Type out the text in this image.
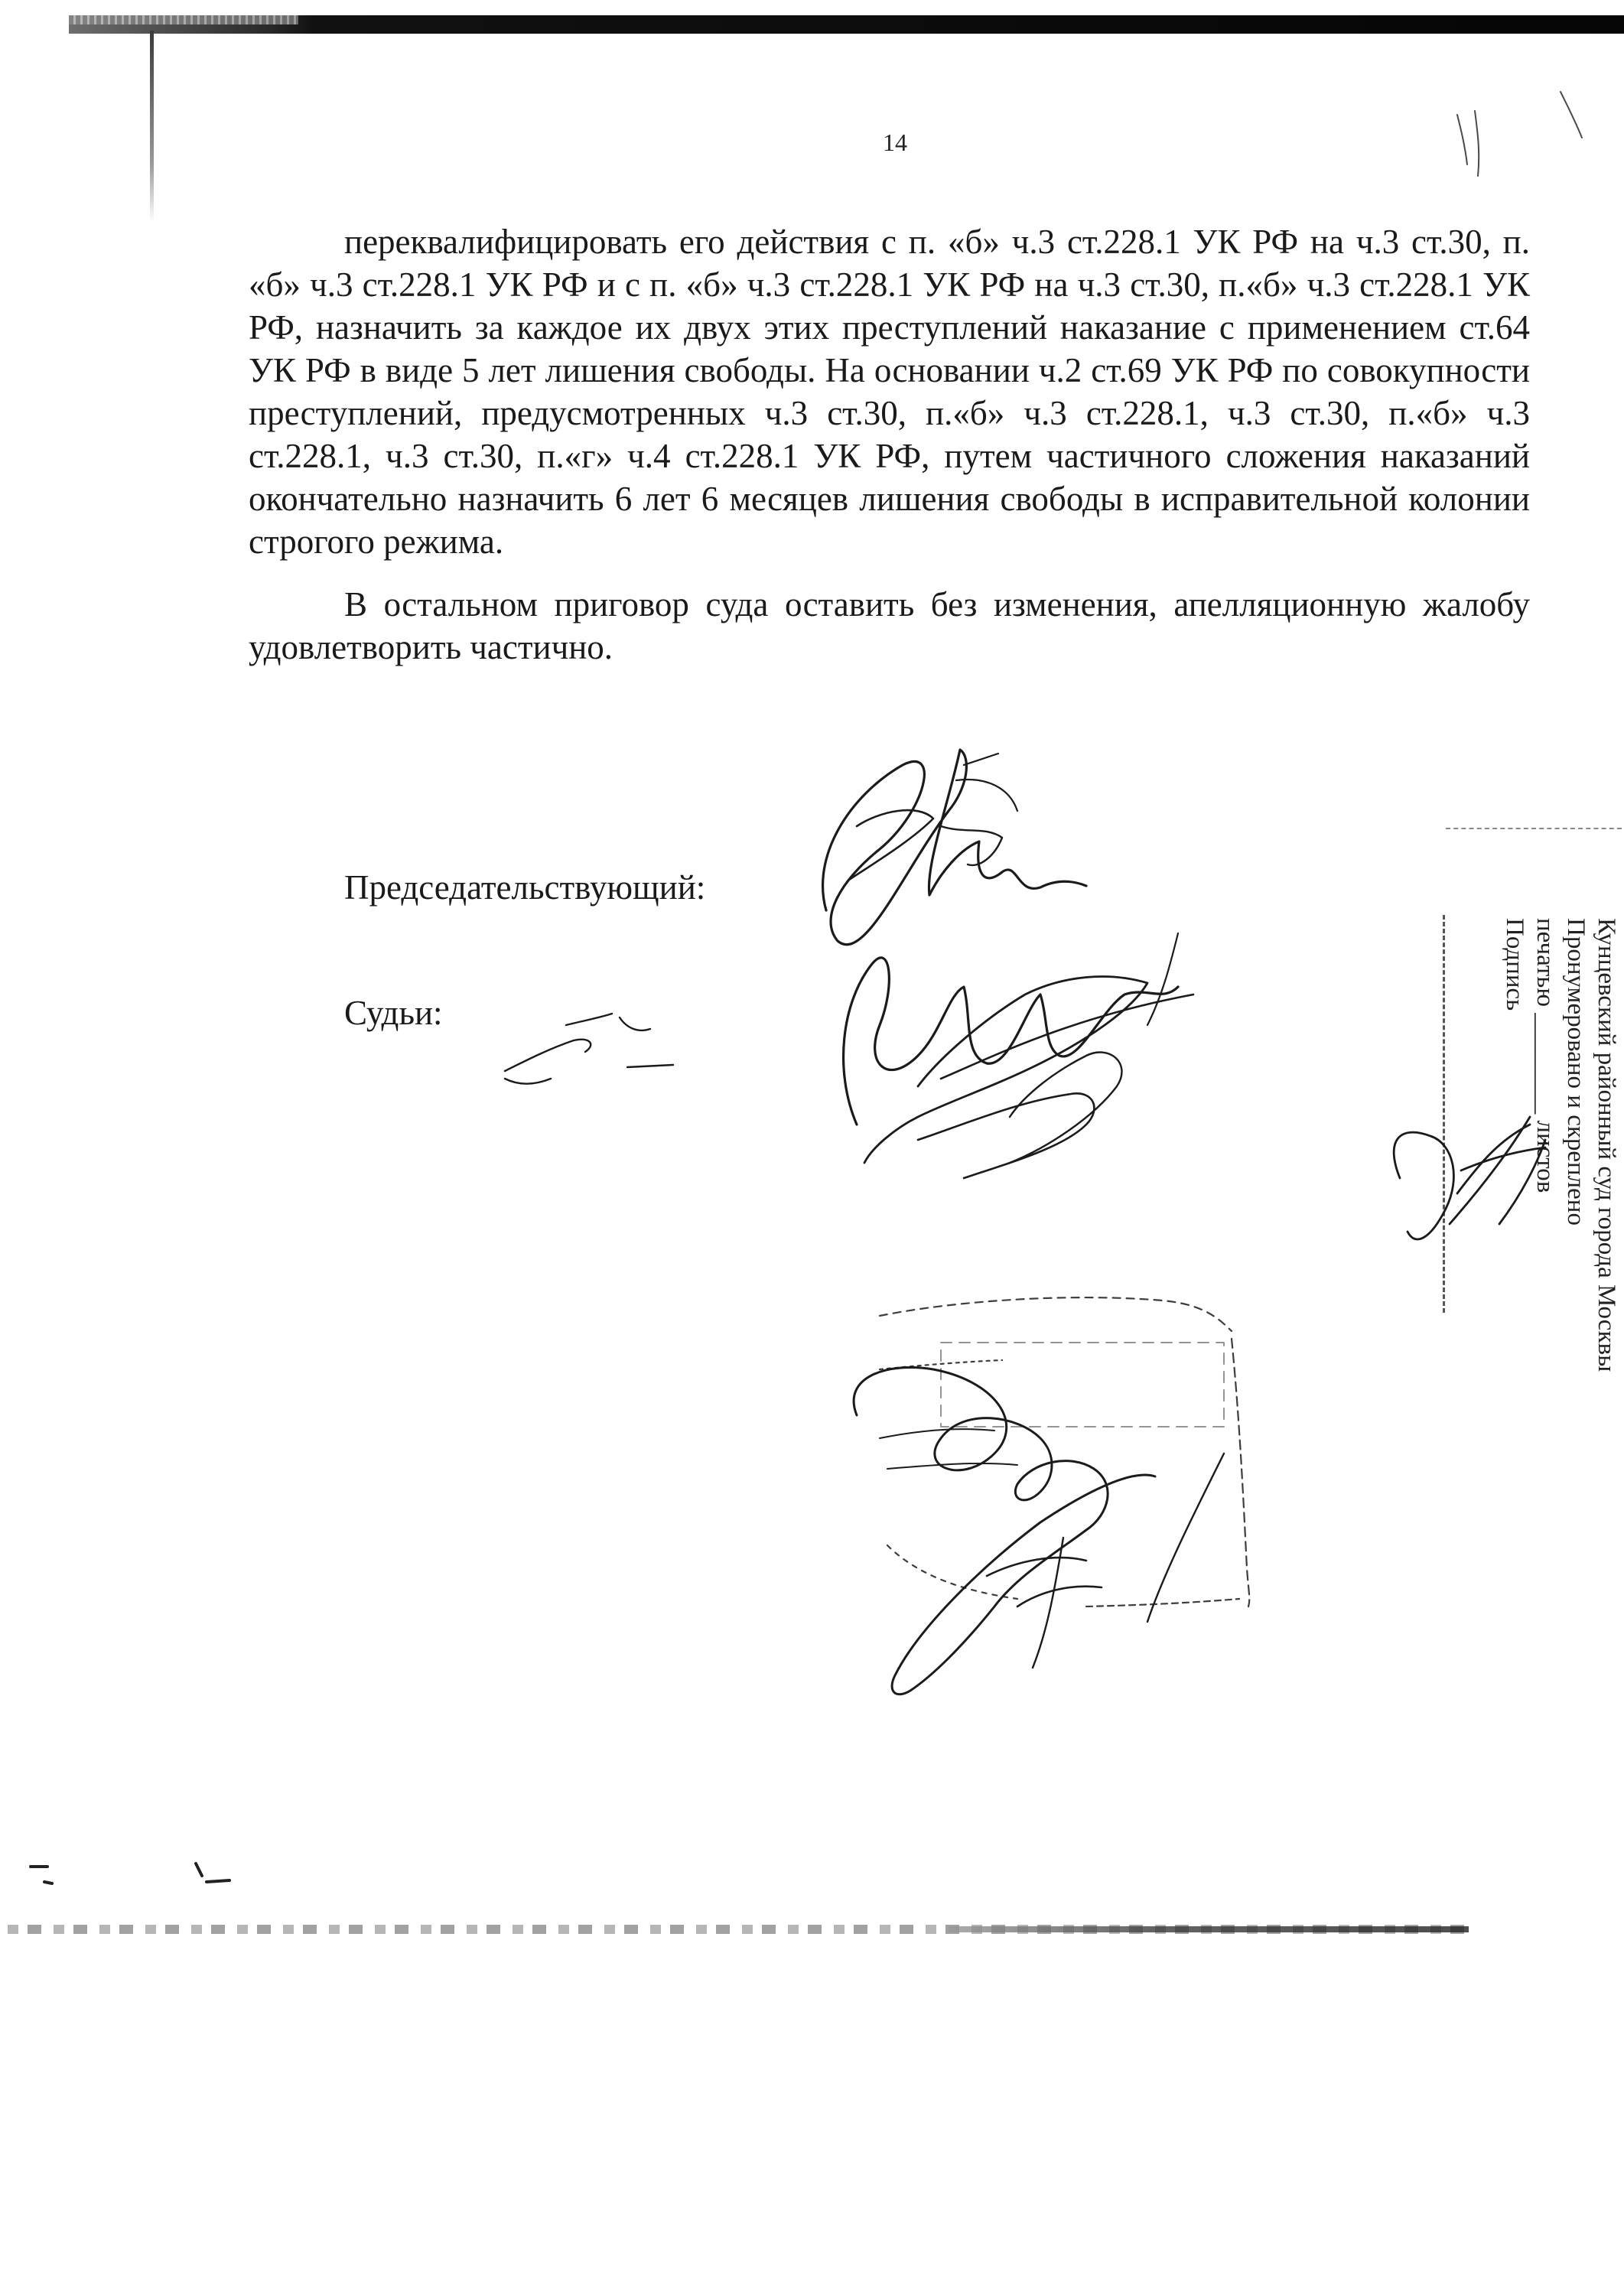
14

переквалифицировать его действия с п. «б» ч.3 ст.228.1 УК РФ на ч.3 ст.30, п. «б» ч.3 ст.228.1 УК РФ и с п. «б» ч.3 ст.228.1 УК РФ на ч.3 ст.30, п.«б» ч.3 ст.228.1 УК РФ, назначить за каждое их двух этих преступлений наказание с применением ст.64 УК РФ в виде 5 лет лишения свободы. На основании ч.2 ст.69 УК РФ по совокупности преступлений, предусмотренных ч.3 ст.30, п.«б» ч.3 ст.228.1, ч.3 ст.30, п.«б» ч.3 ст.228.1, ч.3 ст.30, п.«г» ч.4 ст.228.1 УК РФ, путем частичного сложения наказаний окончательно назначить 6 лет 6 месяцев лишения свободы в исправительной колонии строгого режима.

В остальном приговор суда оставить без изменения, апелляционную жалобу удовлетворить частично.

Председательствующий:
Судьи:	Кунцевский районный суд города Москвы
Пронумеровано и скреплено
печатью ________ листов
Подпись
